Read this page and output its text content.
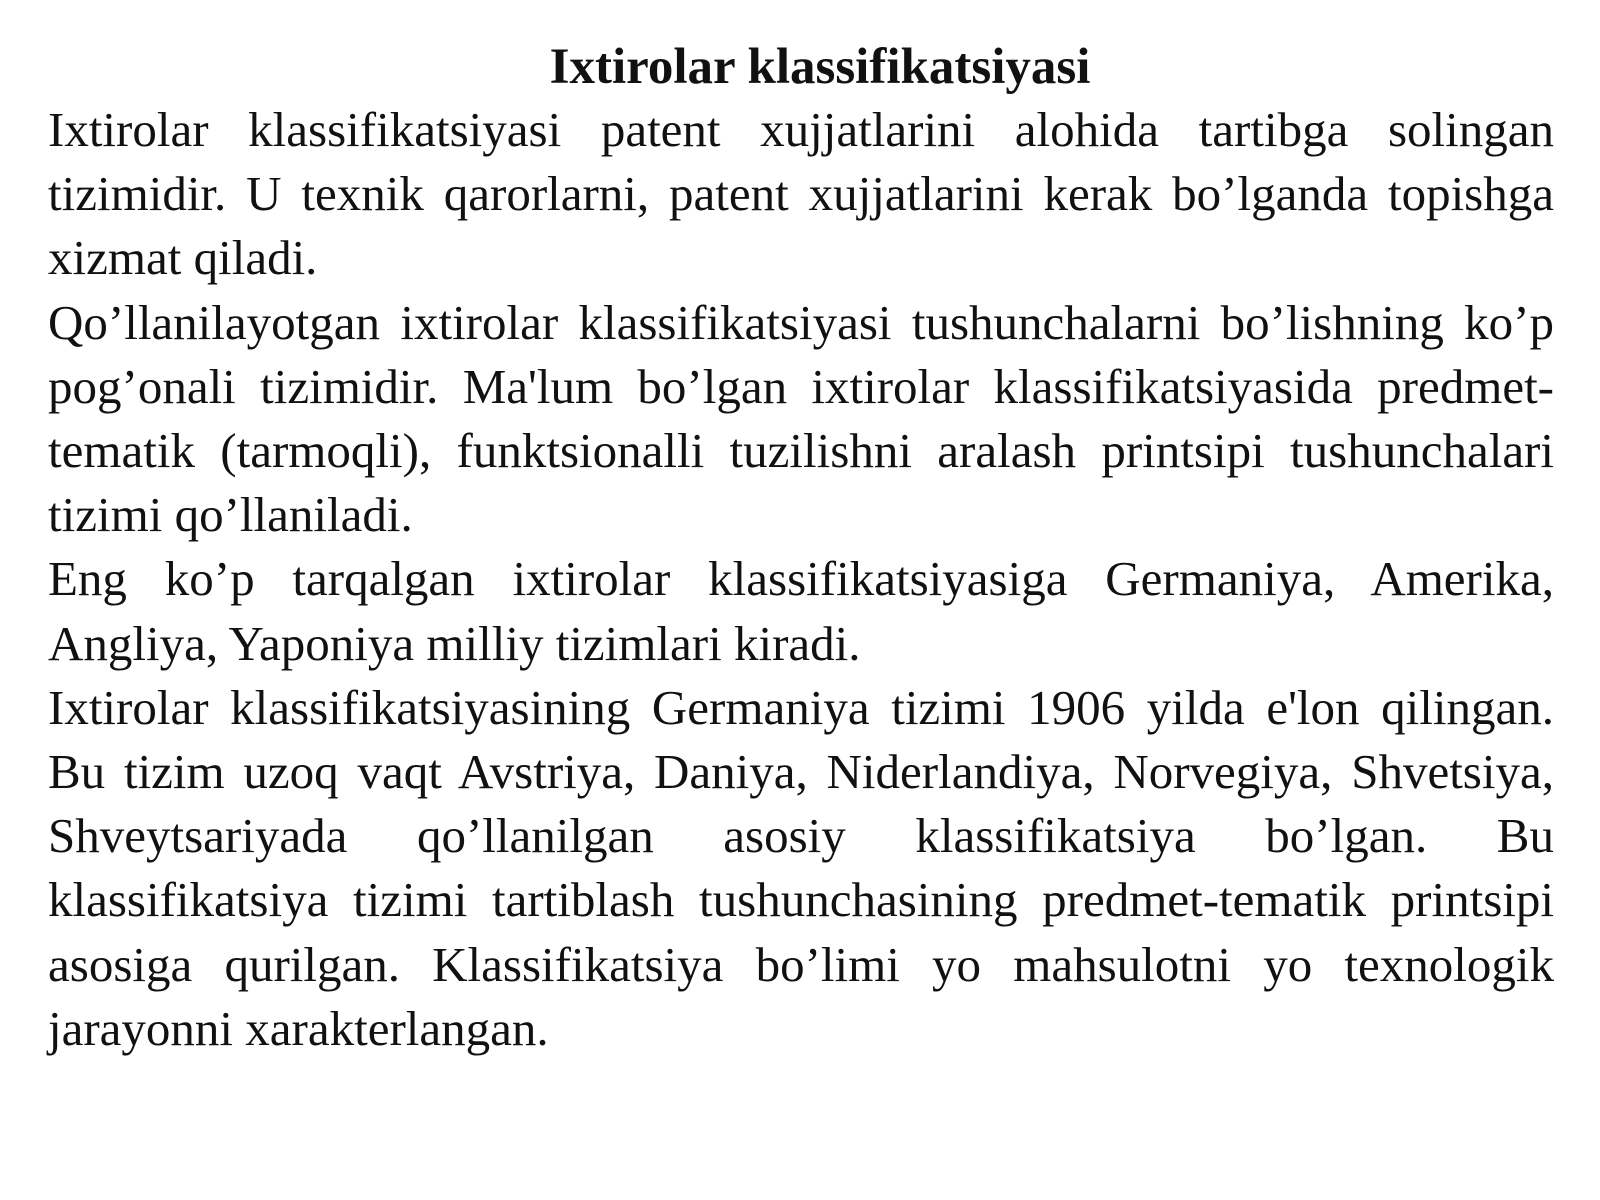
Ixtirolar klassifikatsiyasi

Ixtirolar klassifikatsiyasi patent xujjatlarini alohida tartibga solingan tizimidir. U texnik qarorlarni, patent xujjatlarini kerak bo’lganda topishga xizmat qiladi.

Qo’llanilayotgan ixtirolar klassifikatsiyasi tushunchalarni bo’lishning ko’p pog’onali tizimidir. Ma'lum bo’lgan ixtirolar klassifikatsiyasida predmet-tematik (tarmoqli), funktsionalli tuzilishni aralash printsipi tushunchalari tizimi qo’llaniladi.

Eng ko’p tarqalgan ixtirolar klassifikatsiyasiga Germaniya, Amerika, Angliya, Yaponiya milliy tizimlari kiradi.

Ixtirolar klassifikatsiyasining Germaniya tizimi 1906 yilda e'lon qilingan. Bu tizim uzoq vaqt Avstriya, Daniya, Niderlandiya, Norvegiya, Shvetsiya, Shveytsariyada qo’llanilgan asosiy klassifikatsiya bo’lgan. Bu klassifikatsiya tizimi tartiblash tushunchasining predmet-tematik printsipi asosiga qurilgan. Klassifikatsiya bo’limi yo mahsulotni yo texnologik jarayonni xarakterlangan.
